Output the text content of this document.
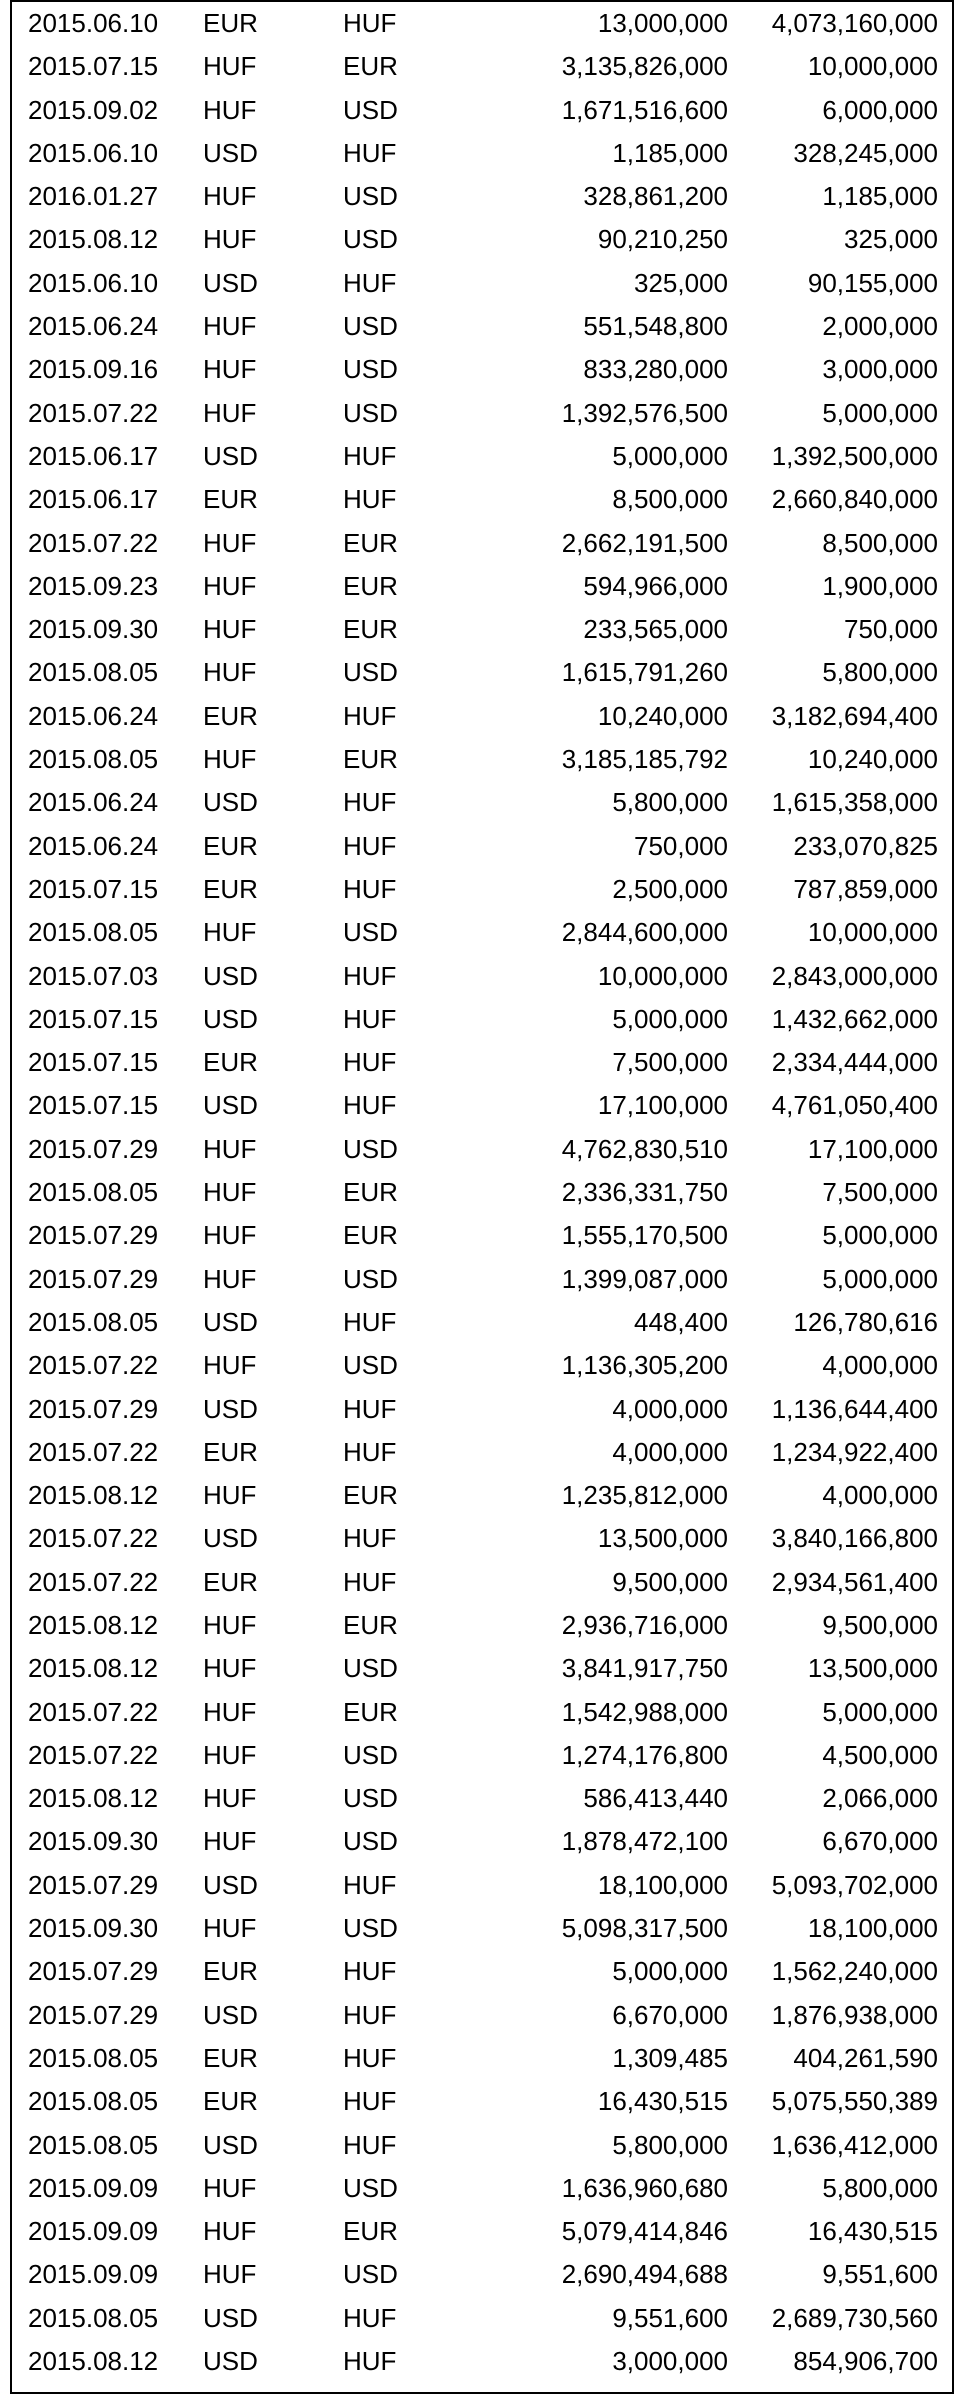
2015.06.10	EUR	HUF	13,000,000	4,073,160,000
2015.07.15	HUF	EUR	3,135,826,000	10,000,000
2015.09.02	HUF	USD	1,671,516,600	6,000,000
2015.06.10	USD	HUF	1,185,000	328,245,000
2016.01.27	HUF	USD	328,861,200	1,185,000
2015.08.12	HUF	USD	90,210,250	325,000
2015.06.10	USD	HUF	325,000	90,155,000
2015.06.24	HUF	USD	551,548,800	2,000,000
2015.09.16	HUF	USD	833,280,000	3,000,000
2015.07.22	HUF	USD	1,392,576,500	5,000,000
2015.06.17	USD	HUF	5,000,000	1,392,500,000
2015.06.17	EUR	HUF	8,500,000	2,660,840,000
2015.07.22	HUF	EUR	2,662,191,500	8,500,000
2015.09.23	HUF	EUR	594,966,000	1,900,000
2015.09.30	HUF	EUR	233,565,000	750,000
2015.08.05	HUF	USD	1,615,791,260	5,800,000
2015.06.24	EUR	HUF	10,240,000	3,182,694,400
2015.08.05	HUF	EUR	3,185,185,792	10,240,000
2015.06.24	USD	HUF	5,800,000	1,615,358,000
2015.06.24	EUR	HUF	750,000	233,070,825
2015.07.15	EUR	HUF	2,500,000	787,859,000
2015.08.05	HUF	USD	2,844,600,000	10,000,000
2015.07.03	USD	HUF	10,000,000	2,843,000,000
2015.07.15	USD	HUF	5,000,000	1,432,662,000
2015.07.15	EUR	HUF	7,500,000	2,334,444,000
2015.07.15	USD	HUF	17,100,000	4,761,050,400
2015.07.29	HUF	USD	4,762,830,510	17,100,000
2015.08.05	HUF	EUR	2,336,331,750	7,500,000
2015.07.29	HUF	EUR	1,555,170,500	5,000,000
2015.07.29	HUF	USD	1,399,087,000	5,000,000
2015.08.05	USD	HUF	448,400	126,780,616
2015.07.22	HUF	USD	1,136,305,200	4,000,000
2015.07.29	USD	HUF	4,000,000	1,136,644,400
2015.07.22	EUR	HUF	4,000,000	1,234,922,400
2015.08.12	HUF	EUR	1,235,812,000	4,000,000
2015.07.22	USD	HUF	13,500,000	3,840,166,800
2015.07.22	EUR	HUF	9,500,000	2,934,561,400
2015.08.12	HUF	EUR	2,936,716,000	9,500,000
2015.08.12	HUF	USD	3,841,917,750	13,500,000
2015.07.22	HUF	EUR	1,542,988,000	5,000,000
2015.07.22	HUF	USD	1,274,176,800	4,500,000
2015.08.12	HUF	USD	586,413,440	2,066,000
2015.09.30	HUF	USD	1,878,472,100	6,670,000
2015.07.29	USD	HUF	18,100,000	5,093,702,000
2015.09.30	HUF	USD	5,098,317,500	18,100,000
2015.07.29	EUR	HUF	5,000,000	1,562,240,000
2015.07.29	USD	HUF	6,670,000	1,876,938,000
2015.08.05	EUR	HUF	1,309,485	404,261,590
2015.08.05	EUR	HUF	16,430,515	5,075,550,389
2015.08.05	USD	HUF	5,800,000	1,636,412,000
2015.09.09	HUF	USD	1,636,960,680	5,800,000
2015.09.09	HUF	EUR	5,079,414,846	16,430,515
2015.09.09	HUF	USD	2,690,494,688	9,551,600
2015.08.05	USD	HUF	9,551,600	2,689,730,560
2015.08.12	USD	HUF	3,000,000	854,906,700
